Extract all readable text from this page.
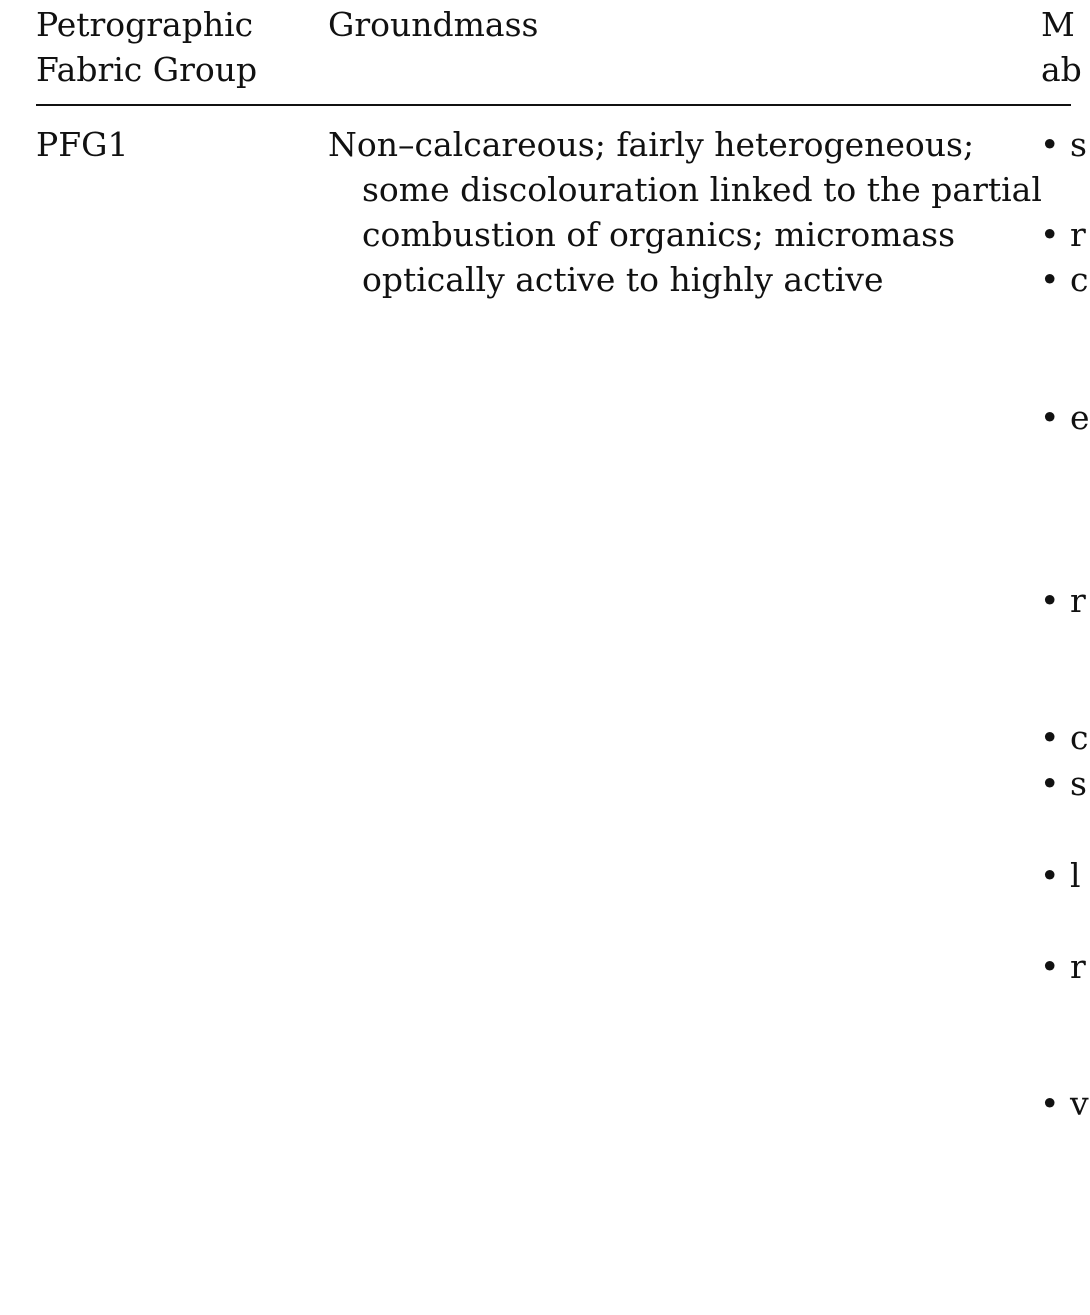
Petrographic
Fabric Group
Groundmass	M
ab
PFG1	Non–calcareous; fairly heterogeneous; some discolouration linked to the partial combustion of organics; micromass optically active to highly active
• s
• r
• c
• e
• r
• c
• s
• l
• r
• v
